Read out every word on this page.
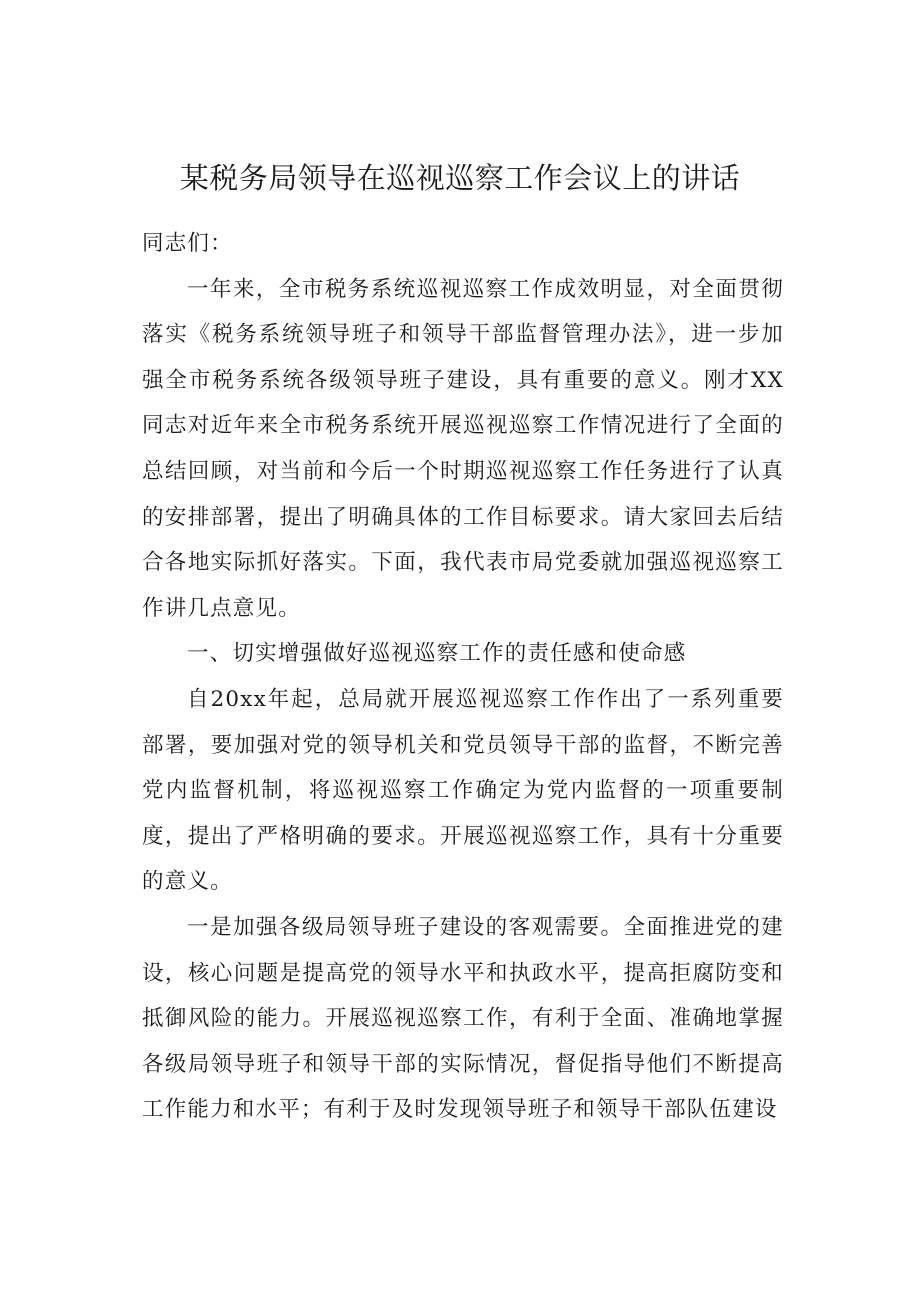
某税务局领导在巡视巡察工作会议上的讲话

同志们：

一年来，全市税务系统巡视巡察工作成效明显，对全面贯彻落实《税务系统领导班子和领导干部监督管理办法》，进一步加强全市税务系统各级领导班子建设，具有重要的意义。刚才XX同志对近年来全市税务系统开展巡视巡察工作情况进行了全面的总结回顾，对当前和今后一个时期巡视巡察工作任务进行了认真的安排部署，提出了明确具体的工作目标要求。请大家回去后结合各地实际抓好落实。下面，我代表市局党委就加强巡视巡察工作讲几点意见。

一、切实增强做好巡视巡察工作的责任感和使命感

自20xx年起，总局就开展巡视巡察工作作出了一系列重要部署，要加强对党的领导机关和党员领导干部的监督，不断完善党内监督机制，将巡视巡察工作确定为党内监督的一项重要制度，提出了严格明确的要求。开展巡视巡察工作，具有十分重要的意义。

一是加强各级局领导班子建设的客观需要。全面推进党的建设，核心问题是提高党的领导水平和执政水平，提高拒腐防变和抵御风险的能力。开展巡视巡察工作，有利于全面、准确地掌握各级局领导班子和领导干部的实际情况，督促指导他们不断提高工作能力和水平；有利于及时发现领导班子和领导干部队伍建设
